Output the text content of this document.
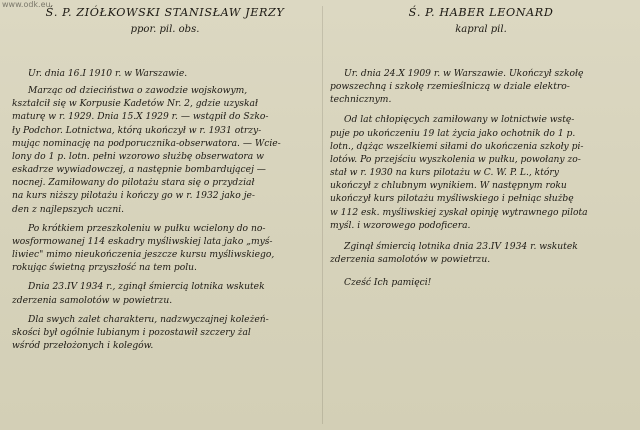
www.odk.eu

Ś. P. ZIÓŁKOWSKI STANISŁAW JERZY

ppor. pil. obs.

Ur. dnia 16.I 1910 r. w Warszawie.
Marząc od dzieciństwa o zawodzie wojskowym,
kształcił się w Korpusie Kadetów Nr. 2, gdzie uzyskał
maturę w r. 1929. Dnia 15.X 1929 r. — wstąpił do Szko-
ły Podchor. Lotnictwa, którą ukończył w r. 1931 otrzy-
mując nominację na podporucznika-obserwatora. — Wcie-
lony do 1 p. lotn. pełni wzorowo służbę obserwatora w
eskadrze wywiadowczej, a następnie bombardującej —
nocnej. Zamiłowany do pilotażu stara się o przydział
na kurs niższy pilotażu i kończy go w r. 1932 jako je-
den z najlepszych uczni.
Po krótkiem przeszkoleniu w pułku wcielony do no-
wosformowanej 114 eskadry myśliwskiej lata jako „myś-
liwiec" mimo nieukończenia jeszcze kursu myśliwskiego,
rokując świetną przyszłość na tem polu.
Dnia 23.IV 1934 r., zginął śmiercią lotnika wskutek
zderzenia samolotów w powietrzu.
Dla swych zalet charakteru, nadzwyczajnej koleżeń-
skości był ogólnie lubianym i pozostawił szczery żal
wśród przełożonych i kolegów.

Ś. P. HABER LEONARD

kapral pil.

Ur. dnia 24.X 1909 r. w Warszawie. Ukończył szkołę
powszechną i szkołę rzemieślniczą w dziale elektro-
technicznym.
Od lat chłopięcych zamiłowany w lotnictwie wstę-
puje po ukończeniu 19 lat życia jako ochotnik do 1 p.
lotn., dążąc wszelkiemi siłami do ukończenia szkoły pi-
lotów. Po przejściu wyszkolenia w pułku, powołany zo-
stał w r. 1930 na kurs pilotażu w C. W. P. L., który
ukończył z chlubnym wynikiem. W następnym roku
ukończył kurs pilotażu myśliwskiego i pełniąc służbę
w 112 esk. myśliwskiej zyskał opinję wytrawnego pilota
myśl. i wzorowego podoficera.
Zginął śmiercią lotnika dnia 23.IV 1934 r. wskutek
zderzenia samolotów w powietrzu.
Cześć Ich pamięci!
